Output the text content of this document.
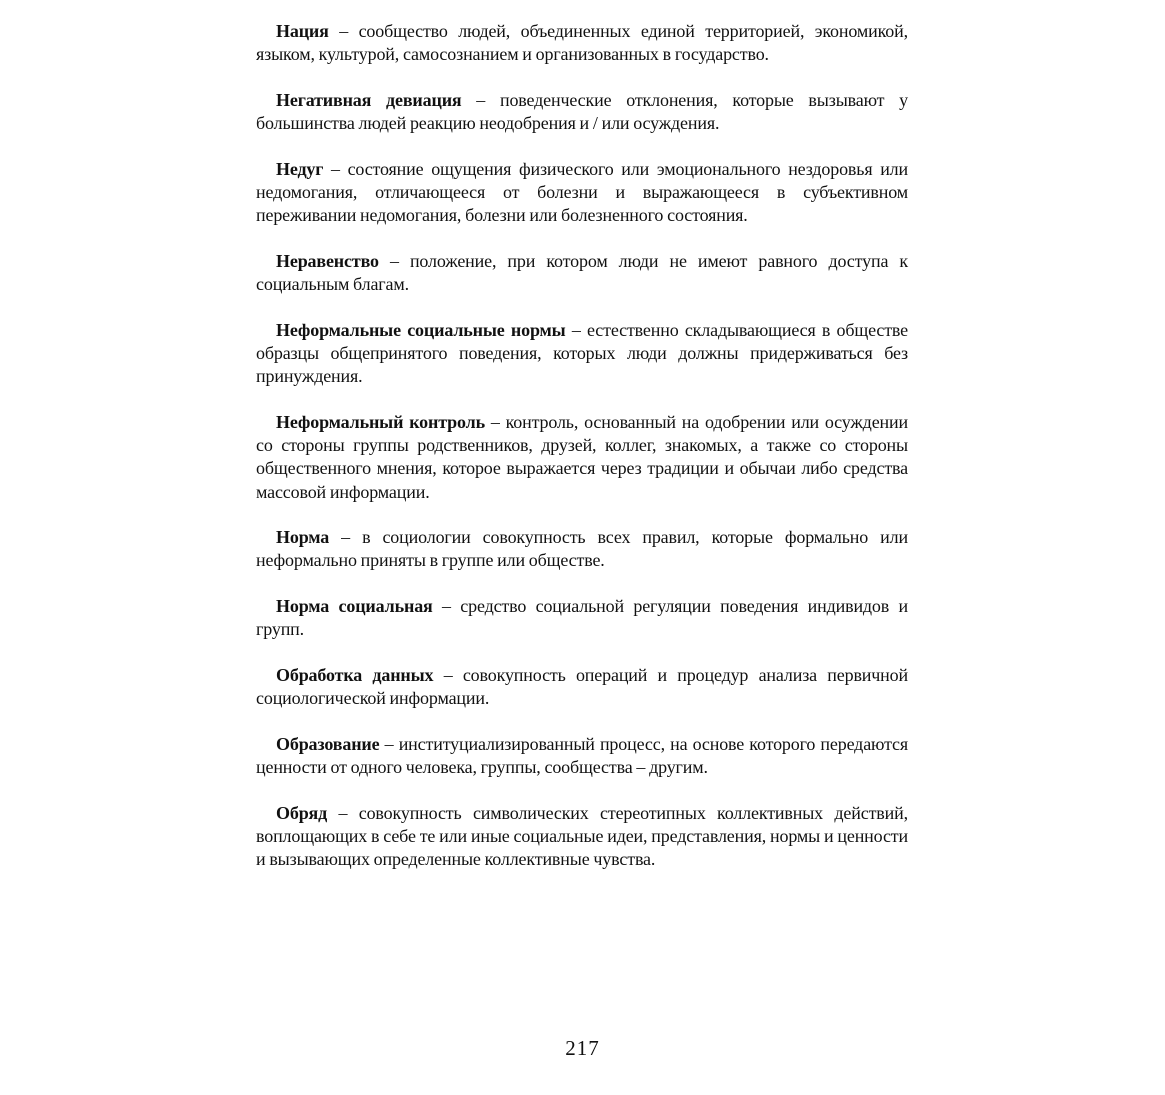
Нация – сообщество людей, объединенных единой территорией, экономикой, языком, культурой, самосознанием и организованных в государство.

Негативная девиация – поведенческие отклонения, которые вызывают у большинства людей реакцию неодобрения и / или осуждения.

Недуг – состояние ощущения физического или эмоционального нездоровья или недомогания, отличающееся от болезни и выражающееся в субъективном переживании недомогания, болезни или болезненного состояния.

Неравенство – положение, при котором люди не имеют равного доступа к социальным благам.

Неформальные социальные нормы – естественно складывающиеся в обществе образцы общепринятого поведения, которых люди должны придерживаться без принуждения.

Неформальный контроль – контроль, основанный на одобрении или осуждении со стороны группы родственников, друзей, коллег, знакомых, а также со стороны общественного мнения, которое выражается через традиции и обычаи либо средства массовой информации.

Норма – в социологии совокупность всех правил, которые формально или неформально приняты в группе или обществе.

Норма социальная – средство социальной регуляции поведения индивидов и групп.

Обработка данных – совокупность операций и процедур анализа первичной социологической информации.

Образование – институциализированный процесс, на основе которого передаются ценности от одного человека, группы, сообщества – другим.

Обряд – совокупность символических стереотипных коллективных действий, воплощающих в себе те или иные социальные идеи, представления, нормы и ценности и вызывающих определенные коллективные чувства.

217
